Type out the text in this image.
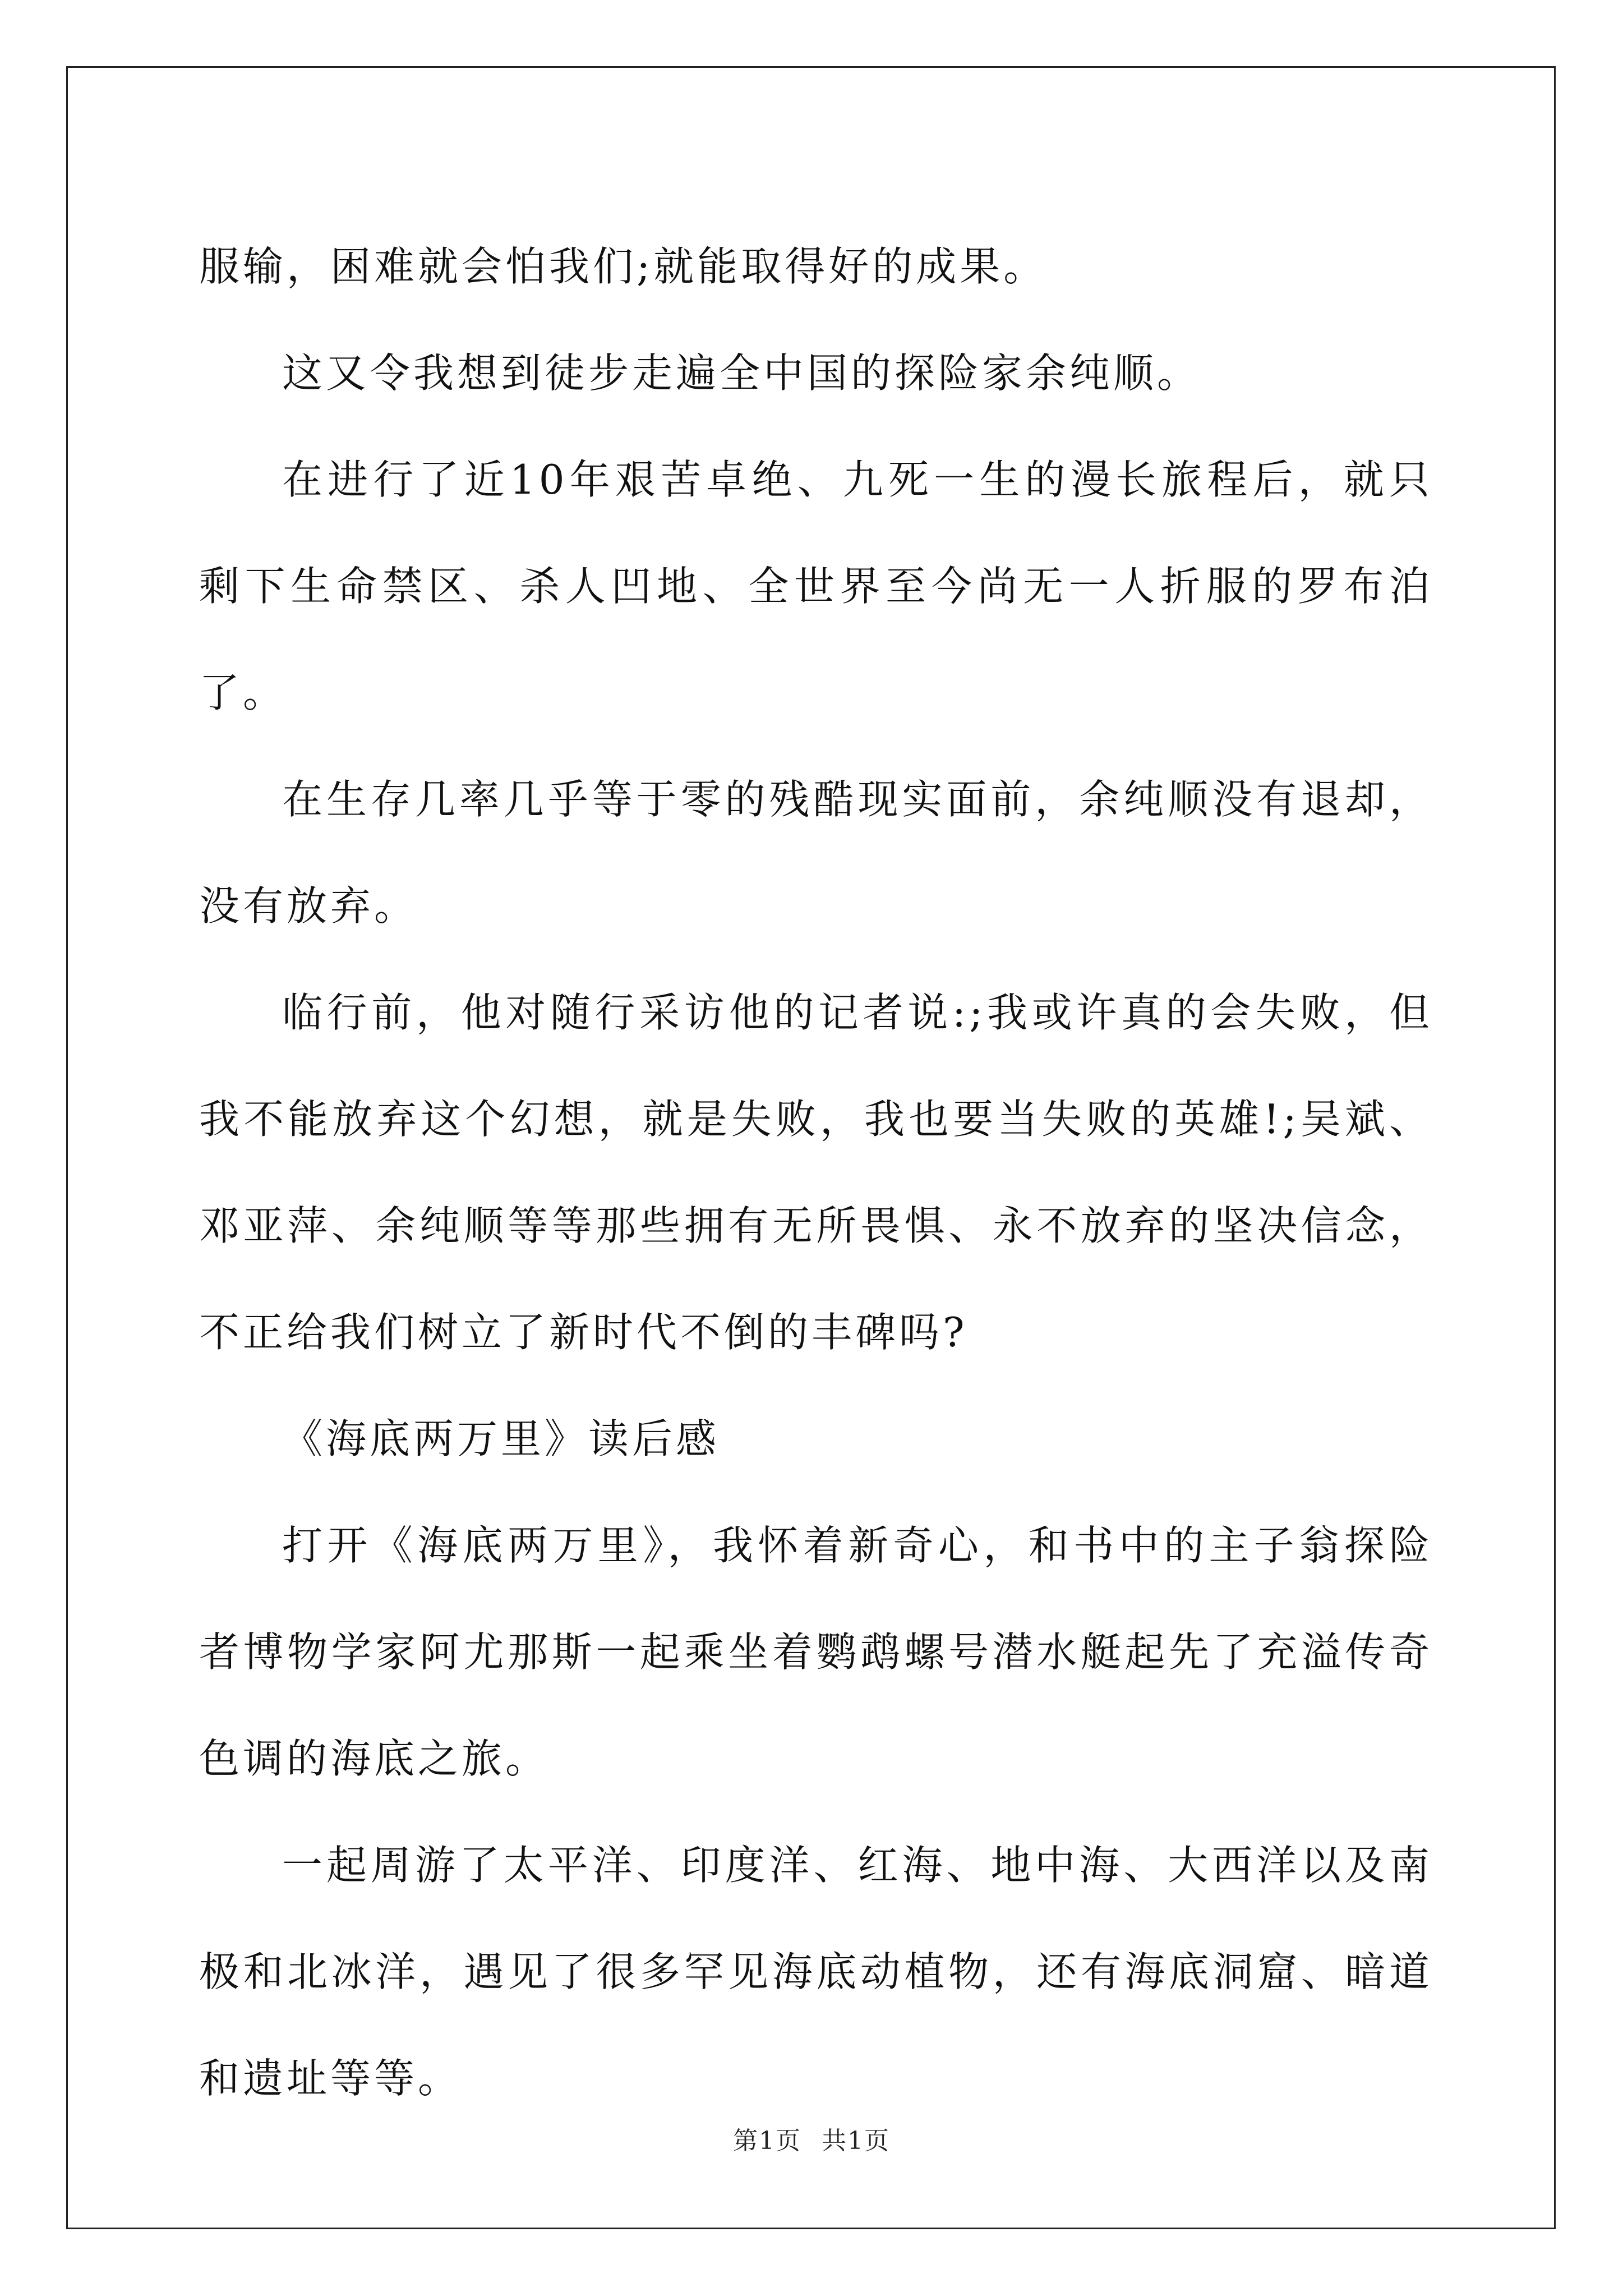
服输，困难就会怕我们;就能取得好的成果。

这又令我想到徒步走遍全中国的探险家余纯顺。

在进行了近10年艰苦卓绝、九死一生的漫长旅程后，就只剩下生命禁区、杀人凹地、全世界至今尚无一人折服的罗布泊了。

在生存几率几乎等于零的残酷现实面前，余纯顺没有退却，没有放弃。

临行前，他对随行采访他的记者说:;我或许真的会失败，但我不能放弃这个幻想，就是失败，我也要当失败的英雄!;吴斌、邓亚萍、余纯顺等等那些拥有无所畏惧、永不放弃的坚决信念，不正给我们树立了新时代不倒的丰碑吗?

《海底两万里》读后感

打开《海底两万里》，我怀着新奇心，和书中的主子翁探险者博物学家阿尤那斯一起乘坐着鹦鹉螺号潜水艇起先了充溢传奇色调的海底之旅。

一起周游了太平洋、印度洋、红海、地中海、大西洋以及南极和北冰洋，遇见了很多罕见海底动植物，还有海底洞窟、暗道和遗址等等。

第1页 共1页
